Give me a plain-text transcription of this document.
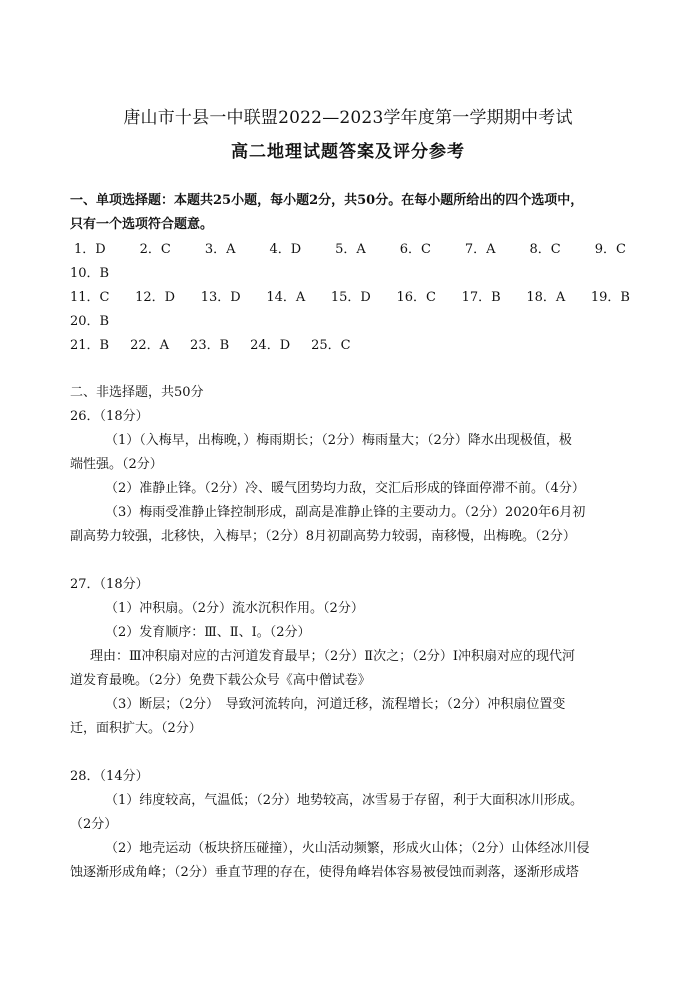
唐山市十县一中联盟2022—2023学年度第一学期期中考试
高二地理试题答案及评分参考
一、单项选择题：本题共25小题，每小题2分，共50分。在每小题所给出的四个选项中，
只有一个选项符合题意。
1．D	2．C	3．A	4．D	5．A	6．C	7．A	8．C	9．C
10．B
11．C 12．D 13．D 14．A 15．D 16．C 17．B 18．A 19．B
20．B
21．B 22．A 23．B 24．D 25．C
二、非选择题，共50分
26．（18分）
（1）（入梅早，出梅晚，）梅雨期长；（2分）梅雨量大；（2分）降水出现极值，极
端性强。（2分）
（2）准静止锋。（2分）冷、暖气团势均力敌，交汇后形成的锋面停滞不前。（4分）
（3）梅雨受准静止锋控制形成，副高是准静止锋的主要动力。（2分）2020年6月初
副高势力较强，北移快，入梅早；（2分）8月初副高势力较弱，南移慢，出梅晚。（2分）
27．（18分）
（1）冲积扇。（2分）流水沉积作用。（2分）
（2）发育顺序：Ⅲ、Ⅱ、Ⅰ。（2分）
理由：Ⅲ冲积扇对应的古河道发育最早；（2分）Ⅱ次之；（2分）Ⅰ冲积扇对应的现代河
道发育最晚。（2分）免费下载公众号《高中僧试卷》
（3）断层；（2分）　导致河流转向，河道迁移，流程增长；（2分）冲积扇位置变
迁，面积扩大。（2分）
28．（14分）
（1）纬度较高，气温低；（2分）地势较高，冰雪易于存留，利于大面积冰川形成。
（2分）
（2）地壳运动（板块挤压碰撞），火山活动频繁，形成火山体；（2分）山体经冰川侵
蚀逐渐形成角峰；（2分）垂直节理的存在，使得角峰岩体容易被侵蚀而剥落，逐渐形成塔
